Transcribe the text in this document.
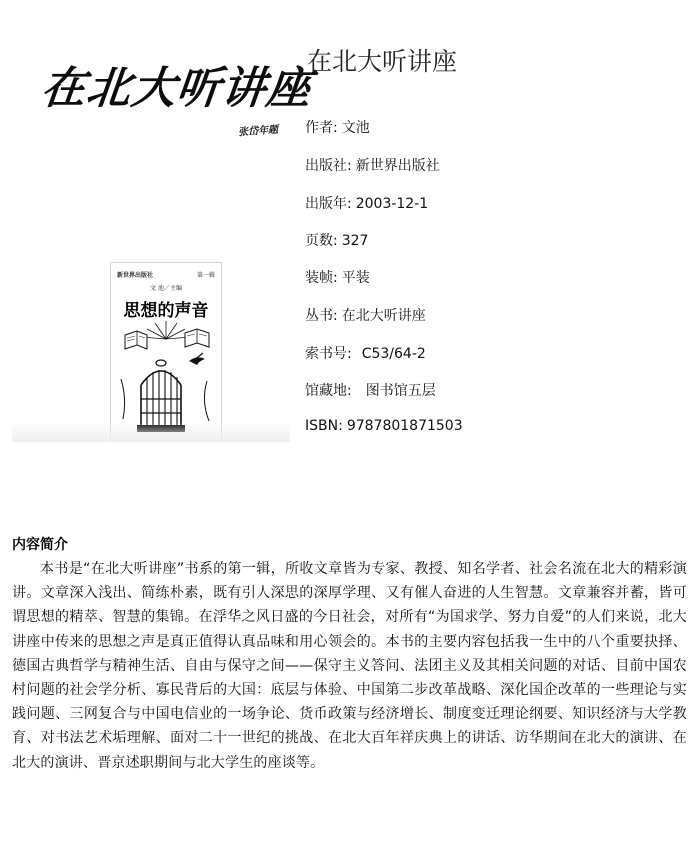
在北大听讲座
张岱年题
新世界出版社	第一辑
文 池／主编
思想的声音
在北大听讲座
作者: 文池
出版社: 新世界出版社
出版年: 2003-12-1
页数: 327
装帧: 平装
丛书: 在北大听讲座
索书号: C53/64-2
馆藏地: 图书馆五层
ISBN: 9787801871503
内容简介
本书是“在北大听讲座”书系的第一辑，所收文章皆为专家、教授、知名学者、社会名流在北大的精彩演讲。文章深入浅出、简练朴素，既有引人深思的深厚学理、又有催人奋进的人生智慧。文章兼容并蓄，皆可谓思想的精萃、智慧的集锦。在浮华之风日盛的今日社会，对所有“为国求学、努力自爱”的人们来说，北大讲座中传来的思想之声是真正值得认真品味和用心领会的。本书的主要内容包括我一生中的八个重要抉择、德国古典哲学与精神生活、自由与保守之间——保守主义答问、法团主义及其相关问题的对话、目前中国农村问题的社会学分析、寡民背后的大国：底层与体验、中国第二步改革战略、深化国企改革的一些理论与实践问题、三网复合与中国电信业的一场争论、货币政策与经济增长、制度变迁理论纲要、知识经济与大学教育、对书法艺术垢理解、面对二十一世纪的挑战、在北大百年祥庆典上的讲话、访华期间在北大的演讲、在北大的演讲、晋京述职期间与北大学生的座谈等。
